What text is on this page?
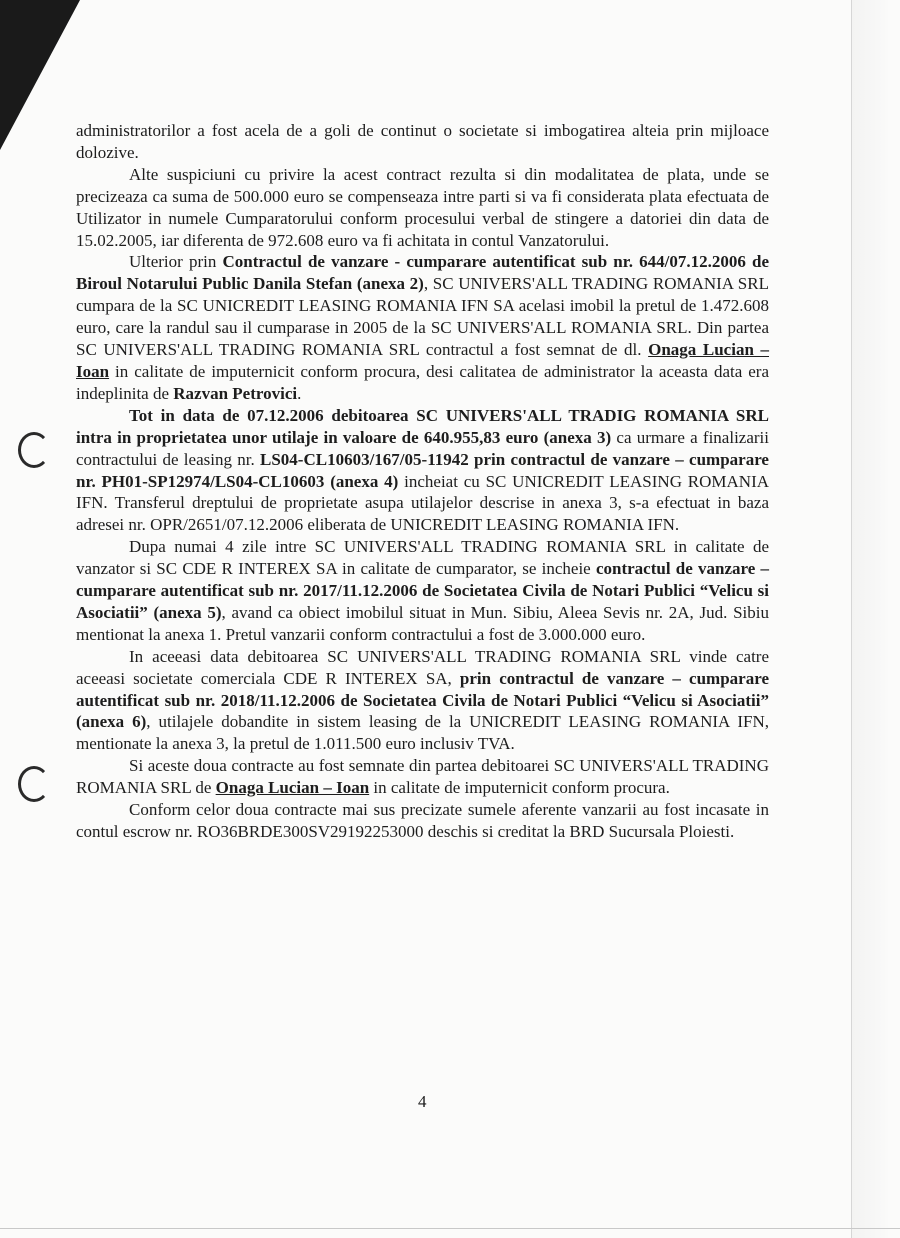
administratorilor a fost acela de a goli de continut o societate si imbogatirea alteia prin mijloace dolozive.

Alte suspiciuni cu privire la acest contract rezulta si din modalitatea de plata, unde se precizeaza ca suma de 500.000 euro se compenseaza intre parti si va fi considerata plata efectuata de Utilizator in numele Cumparatorului conform procesului verbal de stingere a datoriei din data de 15.02.2005, iar diferenta de 972.608 euro va fi achitata in contul Vanzatorului.

Ulterior prin Contractul de vanzare - cumparare autentificat sub nr. 644/07.12.2006 de Biroul Notarului Public Danila Stefan (anexa 2), SC UNIVERS'ALL TRADING ROMANIA SRL cumpara de la SC UNICREDIT LEASING ROMANIA IFN SA acelasi imobil la pretul de 1.472.608 euro, care la randul sau il cumparase in 2005 de la SC UNIVERS'ALL ROMANIA SRL. Din partea SC UNIVERS'ALL TRADING ROMANIA SRL contractul a fost semnat de dl. Onaga Lucian – Ioan in calitate de imputernicit conform procura, desi calitatea de administrator la aceasta data era indeplinita de Razvan Petrovici.

Tot in data de 07.12.2006 debitoarea SC UNIVERS'ALL TRADIG ROMANIA SRL intra in proprietatea unor utilaje in valoare de 640.955,83 euro (anexa 3) ca urmare a finalizarii contractului de leasing nr. LS04-CL10603/167/05-11942 prin contractul de vanzare – cumparare nr. PH01-SP12974/LS04-CL10603 (anexa 4) incheiat cu SC UNICREDIT LEASING ROMANIA IFN. Transferul dreptului de proprietate asupa utilajelor descrise in anexa 3, s-a efectuat in baza adresei nr. OPR/2651/07.12.2006 eliberata de UNICREDIT LEASING ROMANIA IFN.

Dupa numai 4 zile intre SC UNIVERS'ALL TRADING ROMANIA SRL in calitate de vanzator si SC CDE R INTEREX SA in calitate de cumparator, se incheie contractul de vanzare – cumparare autentificat sub nr. 2017/11.12.2006 de Societatea Civila de Notari Publici “Velicu si Asociatii” (anexa 5), avand ca obiect imobilul situat in Mun. Sibiu, Aleea Sevis nr. 2A, Jud. Sibiu mentionat la anexa 1. Pretul vanzarii conform contractului a fost de 3.000.000 euro.

In aceeasi data debitoarea SC UNIVERS'ALL TRADING ROMANIA SRL vinde catre aceeasi societate comerciala CDE R INTEREX SA, prin contractul de vanzare – cumparare autentificat sub nr. 2018/11.12.2006 de Societatea Civila de Notari Publici “Velicu si Asociatii” (anexa 6), utilajele dobandite in sistem leasing de la UNICREDIT LEASING ROMANIA IFN, mentionate la anexa 3, la pretul de 1.011.500 euro inclusiv TVA.

Si aceste doua contracte au fost semnate din partea debitoarei SC UNIVERS'ALL TRADING ROMANIA SRL de Onaga Lucian – Ioan in calitate de imputernicit conform procura.

Conform celor doua contracte mai sus precizate sumele aferente vanzarii au fost incasate in contul escrow nr. RO36BRDE300SV29192253000 deschis si creditat la BRD Sucursala Ploiesti.

4
